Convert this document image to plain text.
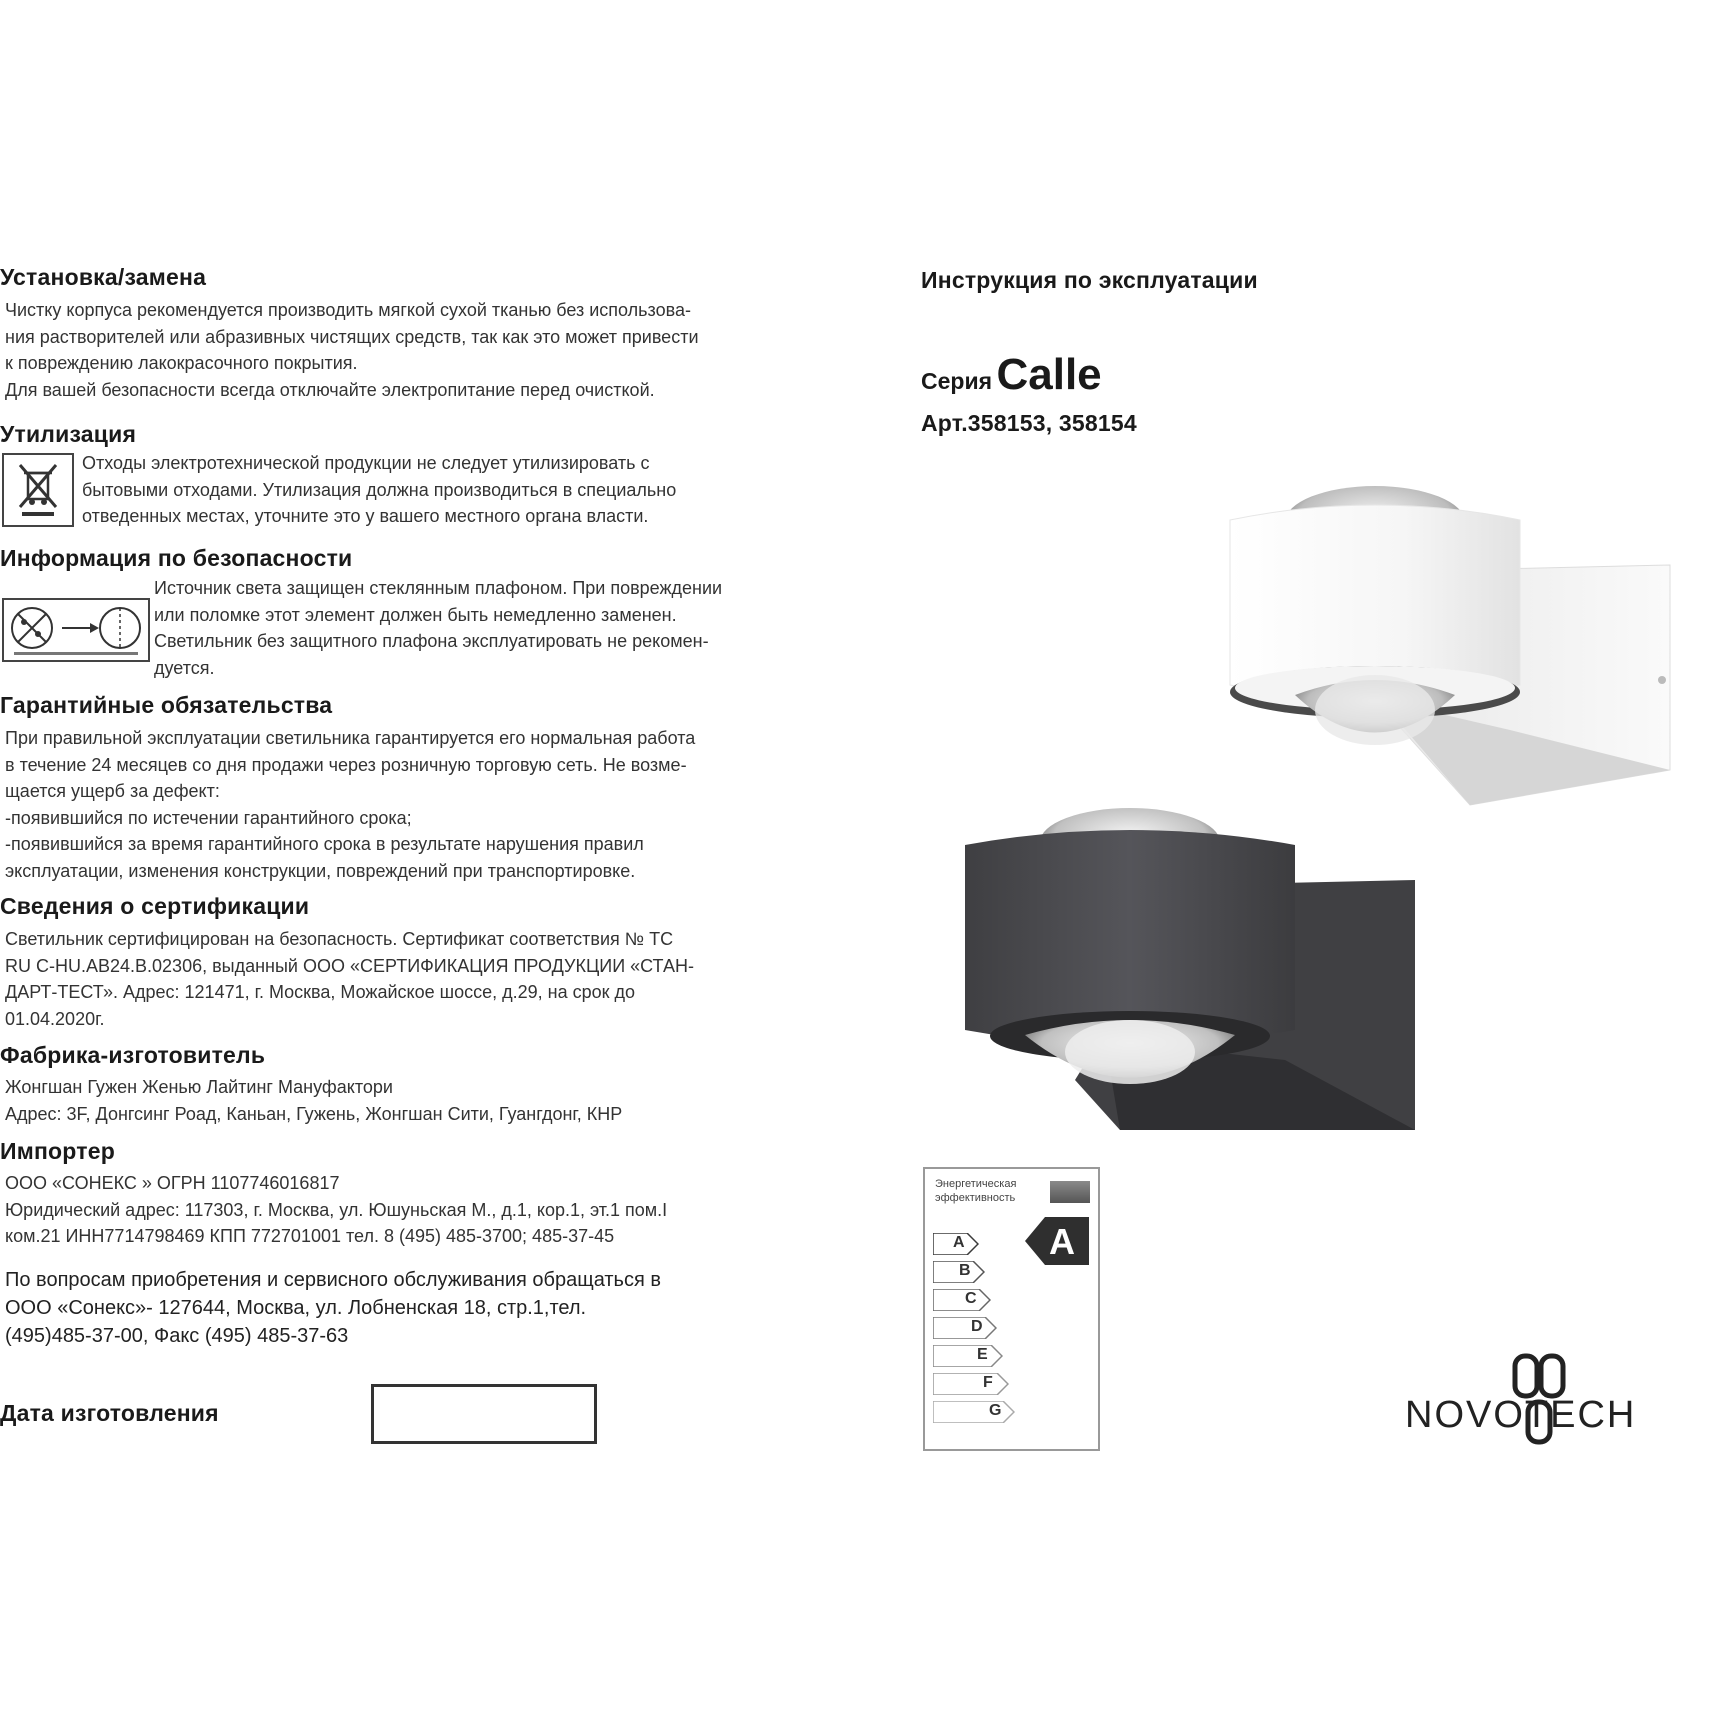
Установка/замена
Чистку корпуса рекомендуется производить мягкой сухой тканью без использова-
ния растворителей или абразивных чистящих средств, так как это может привести
к повреждению лакокрасочного покрытия.
Для вашей безопасности всегда отключайте электропитание перед очисткой.
Утилизация
Отходы электротехнической продукции не следует утилизировать с
бытовыми отходами. Утилизация должна производиться в специально
отведенных местах, уточните это у вашего местного органа власти.
Информация по безопасности
Источник света защищен стеклянным плафоном. При повреждении
или поломке этот элемент должен быть немедленно заменен.
Светильник без защитного плафона эксплуатировать не рекомен-
дуется.
Гарантийные обязательства
При правильной эксплуатации светильника гарантируется его нормальная работа
в течение 24 месяцев со дня продажи через розничную торговую сеть. Не возме-
щается ущерб за дефект:
-появившийся по истечении гарантийного срока;
-появившийся за время гарантийного срока в результате нарушения правил
эксплуатации, изменения конструкции, повреждений при транспортировке.
Сведения о сертификации
Светильник сертифицирован на безопасность. Сертификат соответствия № ТС
RU C-HU.AB24.B.02306, выданный ООО «СЕРТИФИКАЦИЯ ПРОДУКЦИИ «СТАН-
ДАРТ-ТЕСТ». Адрес: 121471, г. Москва, Можайское шоссе, д.29, на срок до
01.04.2020г.
Фабрика-изготовитель
Жонгшан Гужен Женью Лайтинг Мануфактори
Адрес: 3F, Донгсинг Роад, Каньан, Гужень, Жонгшан Сити, Гуангдонг, КНР
Импортер
ООО «СОНЕКС » ОГРН 1107746016817
Юридический адрес: 117303, г. Москва, ул. Юшуньская М., д.1, кор.1, эт.1 пом.I
ком.21 ИНН7714798469 КПП 772701001 тел. 8 (495) 485-3700; 485-37-45
По вопросам приобретения и сервисного обслуживания обращаться в
ООО «Сонекс»- 127644, Москва, ул. Лобненская 18, стр.1,тел.
(495)485-37-00, Факс (495) 485-37-63
Дата изготовления
Инструкция по эксплуатации
Серия Calle
Арт.358153, 358154
Энергетическая
эффективность
A
B
C
D
E
F
G
A
NOVOTECH
